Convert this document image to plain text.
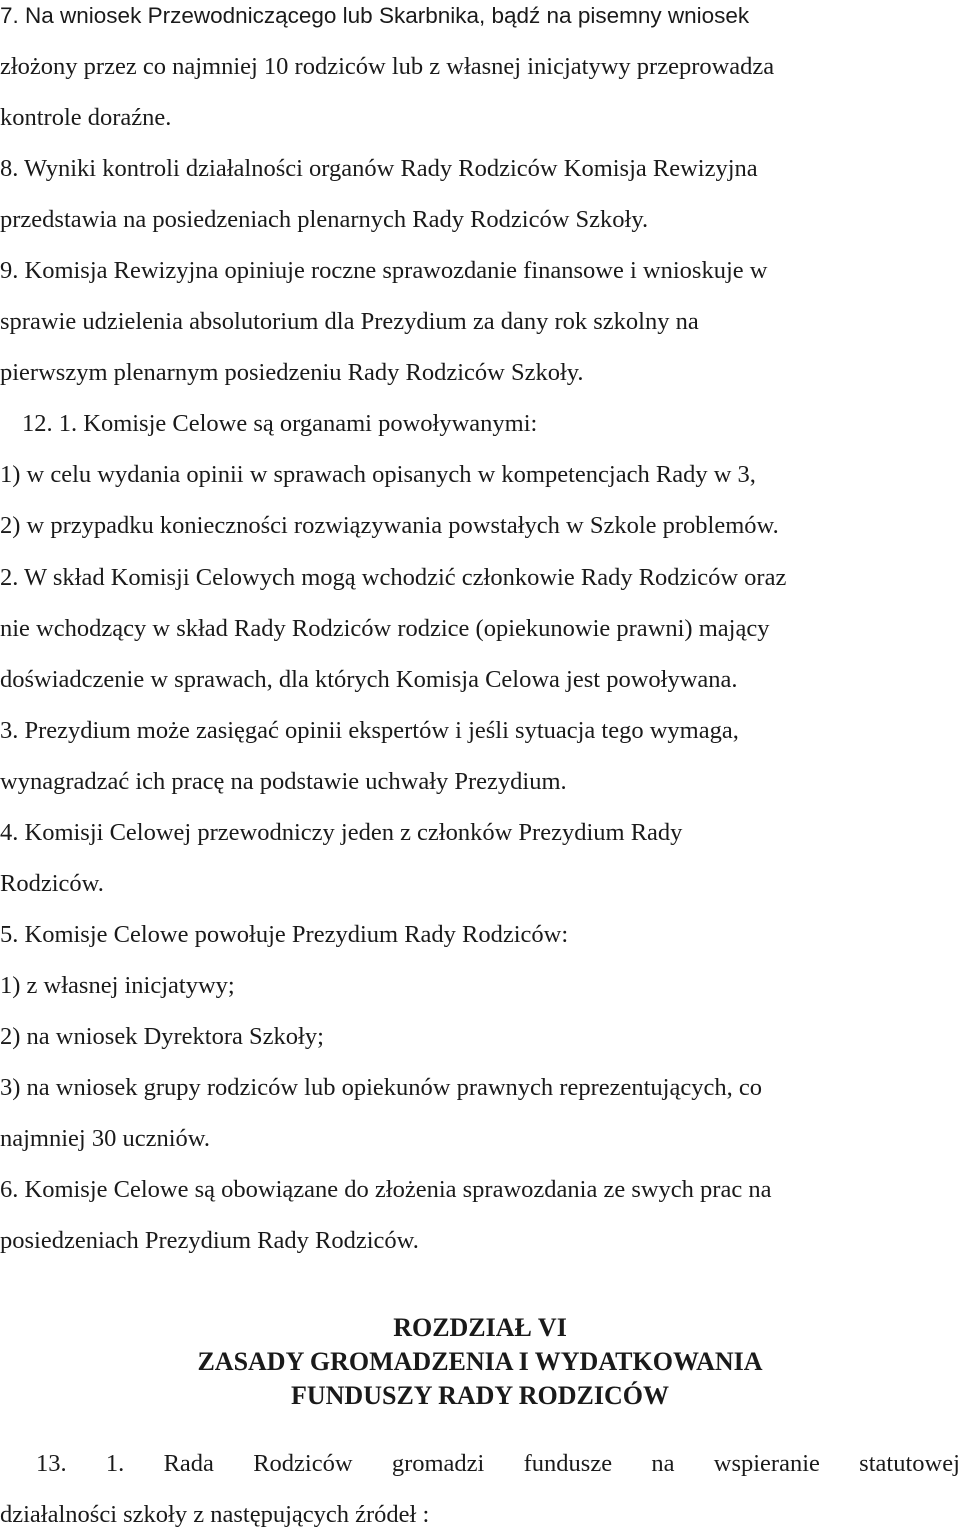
7. Na wniosek Przewodniczącego lub Skarbnika, bądź na pisemny wniosek
złożony przez co najmniej 10 rodziców lub z własnej inicjatywy przeprowadza
kontrole doraźne.
8. Wyniki kontroli działalności organów Rady Rodziców Komisja Rewizyjna
przedstawia na posiedzeniach plenarnych Rady Rodziców Szkoły.
9. Komisja Rewizyjna opiniuje roczne sprawozdanie finansowe i wnioskuje w
sprawie udzielenia absolutorium dla Prezydium za dany rok szkolny na
pierwszym plenarnym posiedzeniu Rady Rodziców Szkoły.
12. 1. Komisje Celowe są organami powoływanymi:
1) w celu wydania opinii w sprawach opisanych w kompetencjach Rady w 3,
2) w przypadku konieczności rozwiązywania powstałych w Szkole problemów.
2. W skład Komisji Celowych mogą wchodzić członkowie Rady Rodziców oraz
nie wchodzący w skład Rady Rodziców rodzice (opiekunowie prawni) mający
doświadczenie w sprawach, dla których Komisja Celowa jest powoływana.
3. Prezydium może zasięgać opinii ekspertów i jeśli sytuacja tego wymaga,
wynagradzać ich pracę na podstawie uchwały Prezydium.
4. Komisji Celowej przewodniczy jeden z członków Prezydium Rady
Rodziców.
5. Komisje Celowe powołuje Prezydium Rady Rodziców:
1) z własnej inicjatywy;
2) na wniosek Dyrektora Szkoły;
3) na wniosek grupy rodziców lub opiekunów prawnych reprezentujących, co
najmniej 30 uczniów.
6. Komisje Celowe są obowiązane do złożenia sprawozdania ze swych prac na
posiedzeniach Prezydium Rady Rodziców.
ROZDZIAŁ VI
ZASADY GROMADZENIA I WYDATKOWANIA
FUNDUSZY RADY RODZICÓW
13. 1. Rada Rodziców gromadzi fundusze na wspieranie statutowej
działalności szkoły z następujących źródeł :
